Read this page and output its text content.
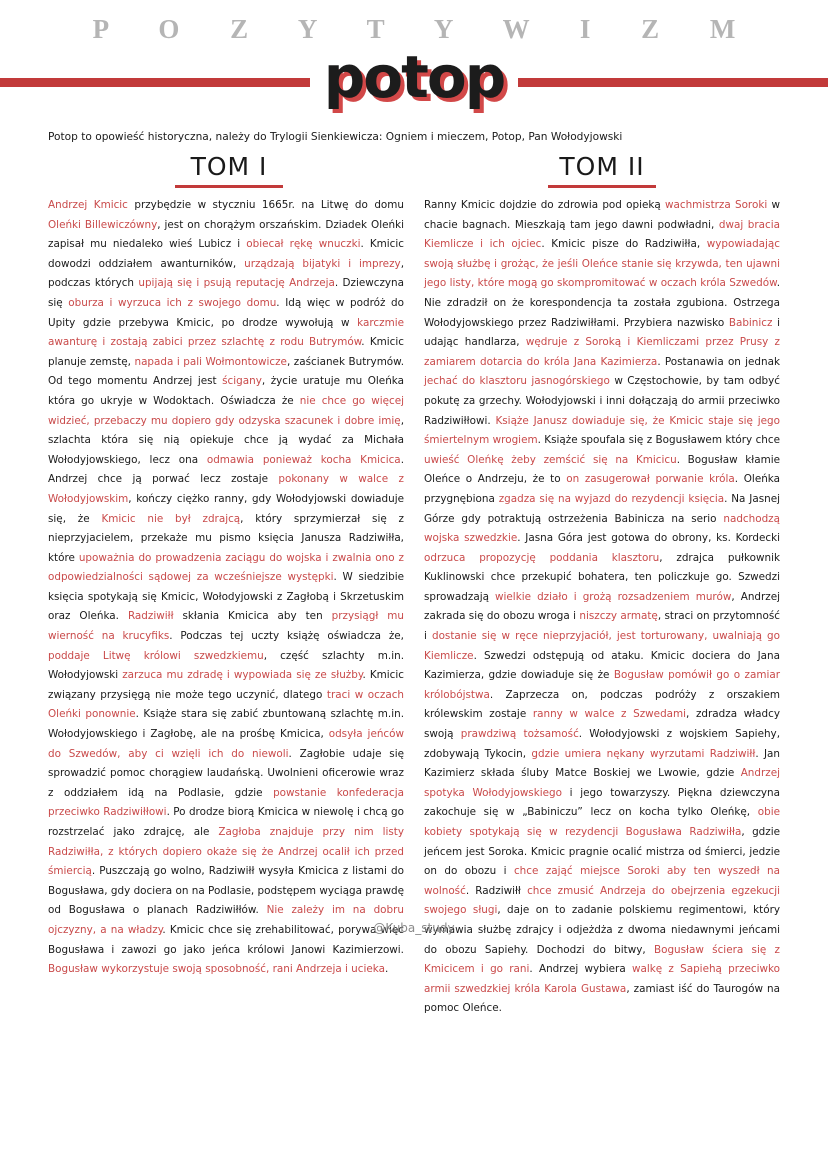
P O Z Y T Y W I Z M
potop
Potop to opowieść historyczna, należy do Trylogii Sienkiewicza: Ogniem i mieczem, Potop, Pan Wołodyjowski
TOM I	TOM II
Andrzej Kmicic przybędzie w styczniu 1665r. na Litwę do domu Oleńki Billewiczówny, jest on chorążym orszańskim. Dziadek Oleńki zapisał mu niedaleko wieś Lubicz i obiecał rękę wnuczki. Kmicic dowodzi oddziałem awanturników, urządzają bijatyki i imprezy, podczas których upijają się i psują reputację Andrzeja. Dziewczyna się oburza i wyrzuca ich z swojego domu. Idą więc w podróż do Upity gdzie przebywa Kmicic, po drodze wywołują w karczmie awanturę i zostają zabici przez szlachtę z rodu Butrymów. Kmicic planuje zemstę, napada i pali Wołmontowicze, zaścianek Butrymów. Od tego momentu Andrzej jest ścigany, życie uratuje mu Oleńka która go ukryje w Wodoktach. Oświadcza że nie chce go więcej widzieć, przebaczy mu dopiero gdy odzyska szacunek i dobre imię, szlachta która się nią opiekuje chce ją wydać za Michała Wołodyjowskiego, lecz ona odmawia ponieważ kocha Kmicica. Andrzej chce ją porwać lecz zostaje pokonany w walce z Wołodyjowskim, kończy ciężko ranny, gdy Wołodyjowski dowiaduje się, że Kmicic nie był zdrajcą, który sprzymierzał się z nieprzyjacielem, przekaże mu pismo księcia Janusza Radziwiłła, które upoważnia do prowadzenia zaciągu do wojska i zwalnia ono z odpowiedzialności sądowej za wcześniejsze występki. W siedzibie księcia spotykają się Kmicic, Wołodyjowski z Zagłobą i Skrzetuskim oraz Oleńka. Radziwiłł skłania Kmicica aby ten przysiągł mu wierność na krucyfiks. Podczas tej uczty książę oświadcza że, poddaje Litwę królowi szwedzkiemu, część szlachty m.in. Wołodyjowski zarzuca mu zdradę i wypowiada się ze służby. Kmicic związany przysięgą nie może tego uczynić, dlatego traci w oczach Oleńki ponownie. Książe stara się zabić zbuntowaną szlachtę m.in. Wołodyjowskiego i Zagłobę, ale na prośbę Kmicica, odsyła jeńców do Szwedów, aby ci wzięli ich do niewoli. Zagłobie udaje się sprowadzić pomoc chorągiew laudańską. Uwolnieni oficerowie wraz z oddziałem idą na Podlasie, gdzie powstanie konfederacja przeciwko Radziwiłłowi. Po drodze biorą Kmicica w niewolę i chcą go rozstrzelać jako zdrajcę, ale Zagłoba znajduje przy nim listy Radziwiłła, z których dopiero okaże się że Andrzej ocalił ich przed śmiercią. Puszczają go wolno, Radziwiłł wysyła Kmicica z listami do Bogusława, gdy dociera on na Podlasie, podstępem wyciąga prawdę od Bogusława o planach Radziwiłłów. Nie zależy im na dobru ojczyzny, a na władzy. Kmicic chce się zrehabilitować, porywa więc Bogusława i zawozi go jako jeńca królowi Janowi Kazimierzowi. Bogusław wykorzystuje swoją sposobność, rani Andrzeja i ucieka.
Ranny Kmicic dojdzie do zdrowia pod opieką wachmistrza Soroki w chacie bagnach. Mieszkają tam jego dawni podwładni, dwaj bracia Kiemlicze i ich ojciec. Kmicic pisze do Radziwiłła, wypowiadając swoją służbę i grożąc, że jeśli Oleńce stanie się krzywda, ten ujawni jego listy, które mogą go skompromitować w oczach króla Szwedów. Nie zdradził on że korespondencja ta została zgubiona. Ostrzega Wołodyjowskiego przez Radziwiłłami. Przybiera nazwisko Babinicz i udając handlarza, wędruje z Soroką i Kiemliczami przez Prusy z zamiarem dotarcia do króla Jana Kazimierza. Postanawia on jednak jechać do klasztoru jasnogórskiego w Częstochowie, by tam odbyć pokutę za grzechy. Wołodyjowski i inni dołączają do armii przeciwko Radziwiłłowi. Książe Janusz dowiaduje się, że Kmicic staje się jego śmiertelnym wrogiem. Książe spoufala się z Bogusławem który chce uwieść Oleńkę żeby zemścić się na Kmicicu. Bogusław kłamie Oleńce o Andrzeju, że to on zasugerował porwanie króla. Oleńka przygnębiona zgadza się na wyjazd do rezydencji księcia. Na Jasnej Górze gdy potraktują ostrzeżenia Babinicza na serio nadchodzą wojska szwedzkie. Jasna Góra jest gotowa do obrony, ks. Kordecki odrzuca propozycję poddania klasztoru, zdrajca pułkownik Kuklinowski chce przekupić bohatera, ten policzkuje go. Szwedzi sprowadzają wielkie działo i grożą rozsadzeniem murów, Andrzej zakrada się do obozu wroga i niszczy armatę, straci on przytomność i dostanie się w ręce nieprzyjaciół, jest torturowany, uwalniają go Kiemlicze. Szwedzi odstępują od ataku. Kmicic dociera do Jana Kazimierza, gdzie dowiaduje się że Bogusław pomówił go o zamiar królobójstwa. Zaprzecza on, podczas podróży z orszakiem królewskim zostaje ranny w walce z Szwedami, zdradza władcy swoją prawdziwą tożsamość. Wołodyjowski z wojskiem Sapiehy, zdobywają Tykocin, gdzie umiera nękany wyrzutami Radziwiłł. Jan Kazimierz składa śluby Matce Boskiej we Lwowie, gdzie Andrzej spotyka Wołodyjowskiego i jego towarzyszy. Piękna dziewczyna zakochuje się w „Babiniczu” lecz on kocha tylko Oleńkę, obie kobiety spotykają się w rezydencji Bogusława Radziwiłła, gdzie jeńcem jest Soroka. Kmicic pragnie ocalić mistrza od śmierci, jedzie on do obozu i chce zająć miejsce Soroki aby ten wyszedł na wolność. Radziwiłł chce zmusić Andrzeja do obejrzenia egzekucji swojego sługi, daje on to zadanie polskiemu regimentowi, który wymawia służbę zdrajcy i odjeżdża z dwoma niedawnymi jeńcami do obozu Sapiehy. Dochodzi do bitwy, Bogusław ściera się z Kmicicem i go rani. Andrzej wybiera walkę z Sapiehą przeciwko armii szwedzkiej króla Karola Gustawa, zamiast iść do Taurogów na pomoc Oleńce.
@Kuba_study
